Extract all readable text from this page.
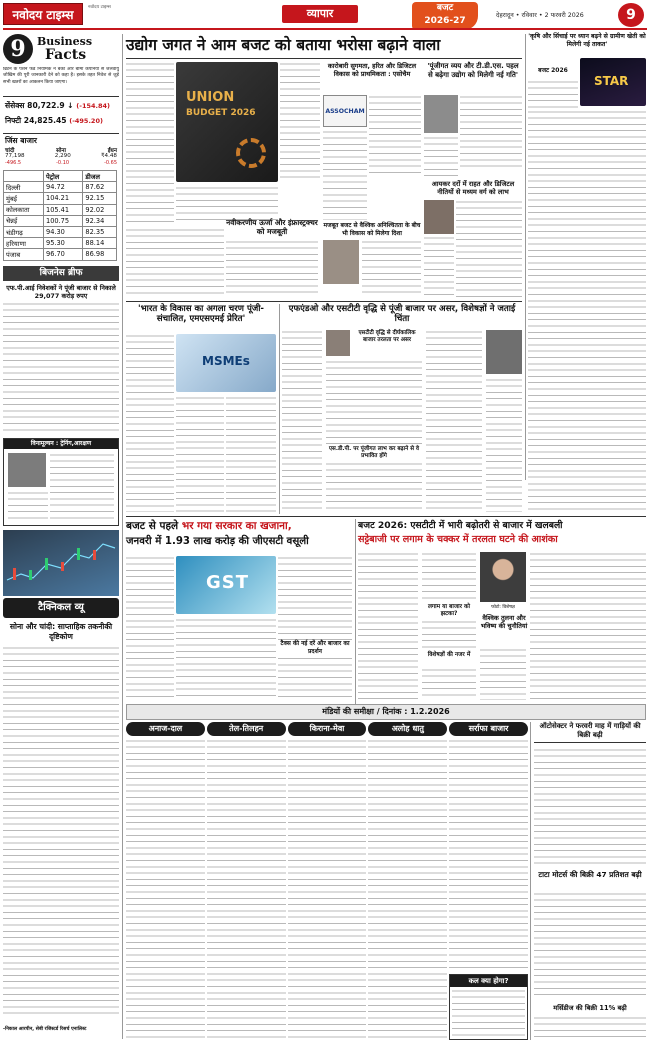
नवोदय टाइम्स
नवोदय टाइम्स	व्यापार	बजट
2026-27
देहरादून • रविवार • 2 फरवरी 2026	9
9	Business
Facts
ब्रिटेन के पेंशन फंड नियामक ने बैंकों और बीमा कंपनियों से जलवायु जोखिम की पूरी जानकारी देने को कहा है। इसके तहत निवेश से जुड़े सभी खतरों का आकलन किया जाएगा।
सेंसेक्स 80,722.9 ↓ (-154.84)
निफ्टी 24,825.45 (-495.20)
जिंस बाजार
चांदी	सोना	ईंधन
77,198	2,290	₹4.48
-496.5	-0.10	-0.65
	पेट्रोल	डीजल
दिल्ली	94.72	87.62
मुंबई	104.21	92.15
कोलकाता	105.41	92.02
चेन्नई	100.75	92.34
चंडीगढ़	94.30	82.35
हरियाणा	95.30	88.14
पंजाब	96.70	86.98
बिजनेस ब्रीफ
एफ.पी.आई निवेशकों ने पूंजी बाजार से निकाले 29,077 करोड़ रुपए
विनामूल्यन : ट्रेनिंग,आरक्षण
टैक्निकल व्यू
सोना और चांदी: साप्ताहिक तकनीकी दृष्टिकोण
-निकाल आरपीन, सेबी रजिस्टर्ड रिसर्च एनालिस्ट
उद्योग जगत ने आम बजट को बताया भरोसा बढ़ाने वाला
UNION
BUDGET 2026
नवीकरणीय ऊर्जा और इंफ्रास्ट्रक्चर को मजबूती
कारोबारी सुगमता, हरित और डिजिटल विकास को प्राथमिकता : एसोचैम
ASSOCHAM
मजबूत बजट से वैश्विक अनिश्चितता के बीच भी विकास को मिलेगा दिशा
'पूंजीगत व्यय और टी.डी.एस. पहल से बढ़ेगा उद्योग को मिलेगी नई गति'
आयकर दरों में राहत और डिजिटल नीतियों से मध्यम वर्ग को लाभ
'कृषि और सिंचाई पर ध्यान बढ़ने से ग्रामीण खेती को मिलेगी नई ताकत'
STAR
बजट 2026
'भारत के विकास का अगला चरण पूंजी-संचालित, एमएसएमई प्रेरित'
MSMEs
एफएंडओ और एसटीटी वृद्धि से पूंजी बाजार पर असर, विशेषज्ञों ने जताई चिंता
एसटीटी वृद्धि से दीर्घकालिक बाजार तरलता पर असर
एस.डी.पी. पर पूंजीगत लाभ कर बढ़ाने से वे प्रभावित होंगे
बजट से पहले भर गया सरकार का खजाना,
जनवरी में 1.93 लाख करोड़ की जीएसटी वसूली
GST
टैक्स की नई दरें और बाजार का प्रदर्शन
बजट 2026: एसटीटी में भारी बढ़ोतरी से बाजार में खलबली
सट्टेबाजी पर लगाम के चक्कर में तरलता घटने की आशंका
लगाम या बाजार को झटका?
विशेषज्ञों की नजर में
फोटो: विशेषज्ञ
वैश्विक तुलना और भविष्य की चुनौतियां
मंडियों की समीक्षा / दिनांक : 1.2.2026
अनाज-दाल	तेल-तिलहन	किराना-मेवा	अलोह धातु	सर्राफा बाजार
कल क्या होगा?
ऑटोसेक्टर ने फरवरी माह में गाड़ियों की बिक्री बढ़ी
टाटा मोटर्स की बिक्री 47 प्रतिशत बढ़ी
मर्सिडीज की बिक्री 11% बढ़ी
